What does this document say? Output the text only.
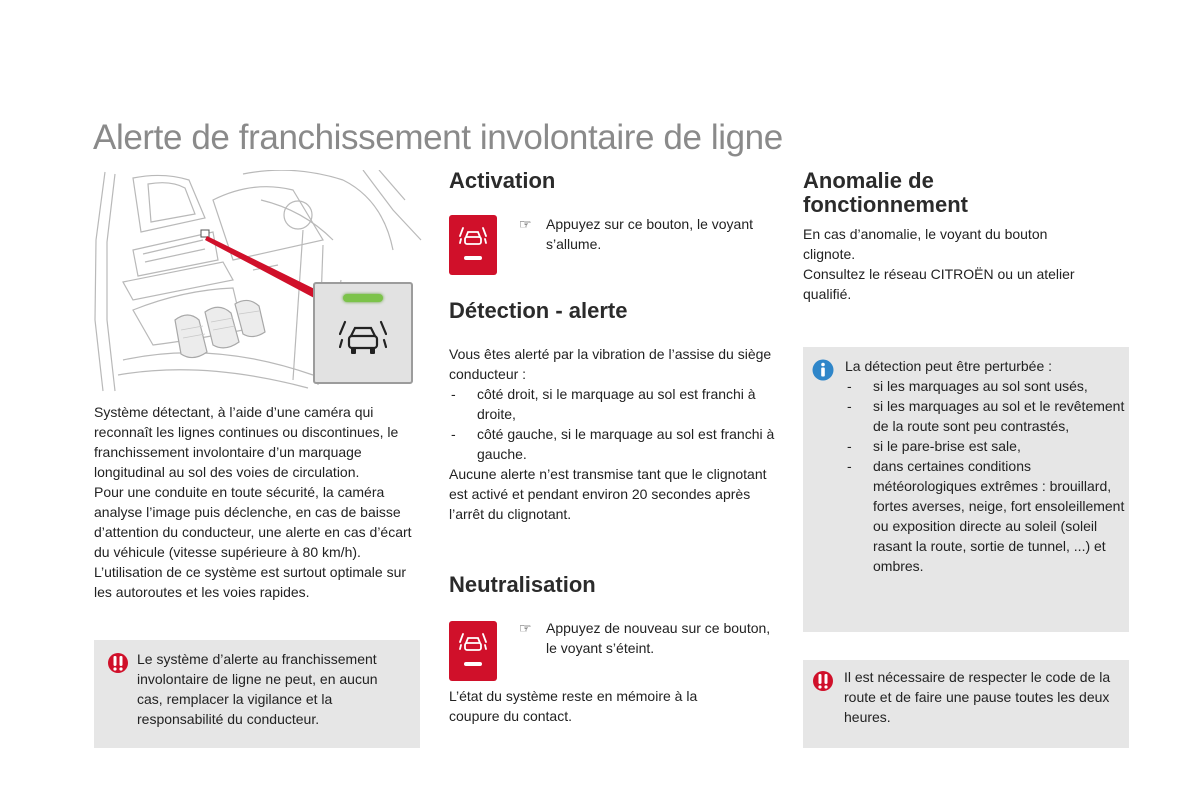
Alerte de franchissement involontaire de ligne

Système détectant, à l’aide d’une caméra qui reconnaît les lignes continues ou discontinues, le franchissement involontaire d’un marquage longitudinal au sol des voies de circulation.

Pour une conduite en toute sécurité, la caméra analyse l’image puis déclenche, en cas de baisse d’attention du conducteur, une alerte en cas d’écart du véhicule (vitesse supérieure à 80 km/h).

L’utilisation de ce système est surtout optimale sur les autoroutes et les voies rapides.

Le système d’alerte au franchissement involontaire de ligne ne peut, en aucun cas, remplacer la vigilance et la responsabilité du conducteur.

Activation
☞	Appuyez sur ce bouton, le voyant s’allume.

Détection - alerte

Vous êtes alerté par la vibration de l’assise du siège conducteur :

- côté droit, si le marquage au sol est franchi à droite,
- côté gauche, si le marquage au sol est franchi à gauche.

Aucune alerte n’est transmise tant que le clignotant est activé et pendant environ 20 secondes après l’arrêt du clignotant.

Neutralisation
☞	Appuyez de nouveau sur ce bouton, le voyant s’éteint.

L’état du système reste en mémoire à la coupure du contact.

Anomalie de
fonctionnement

En cas d’anomalie, le voyant du bouton clignote.

Consultez le réseau CITROËN ou un atelier qualifié.

La détection peut être perturbée :

- si les marquages au sol sont usés,
- si les marquages au sol et le revêtement de la route sont peu contrastés,
- si le pare-brise est sale,
- dans certaines conditions météorologiques extrêmes : brouillard, fortes averses, neige, fort ensoleillement ou exposition directe au soleil (soleil rasant la route, sortie de tunnel, ...) et ombres.

Il est nécessaire de respecter le code de la route et de faire une pause toutes les deux heures.
